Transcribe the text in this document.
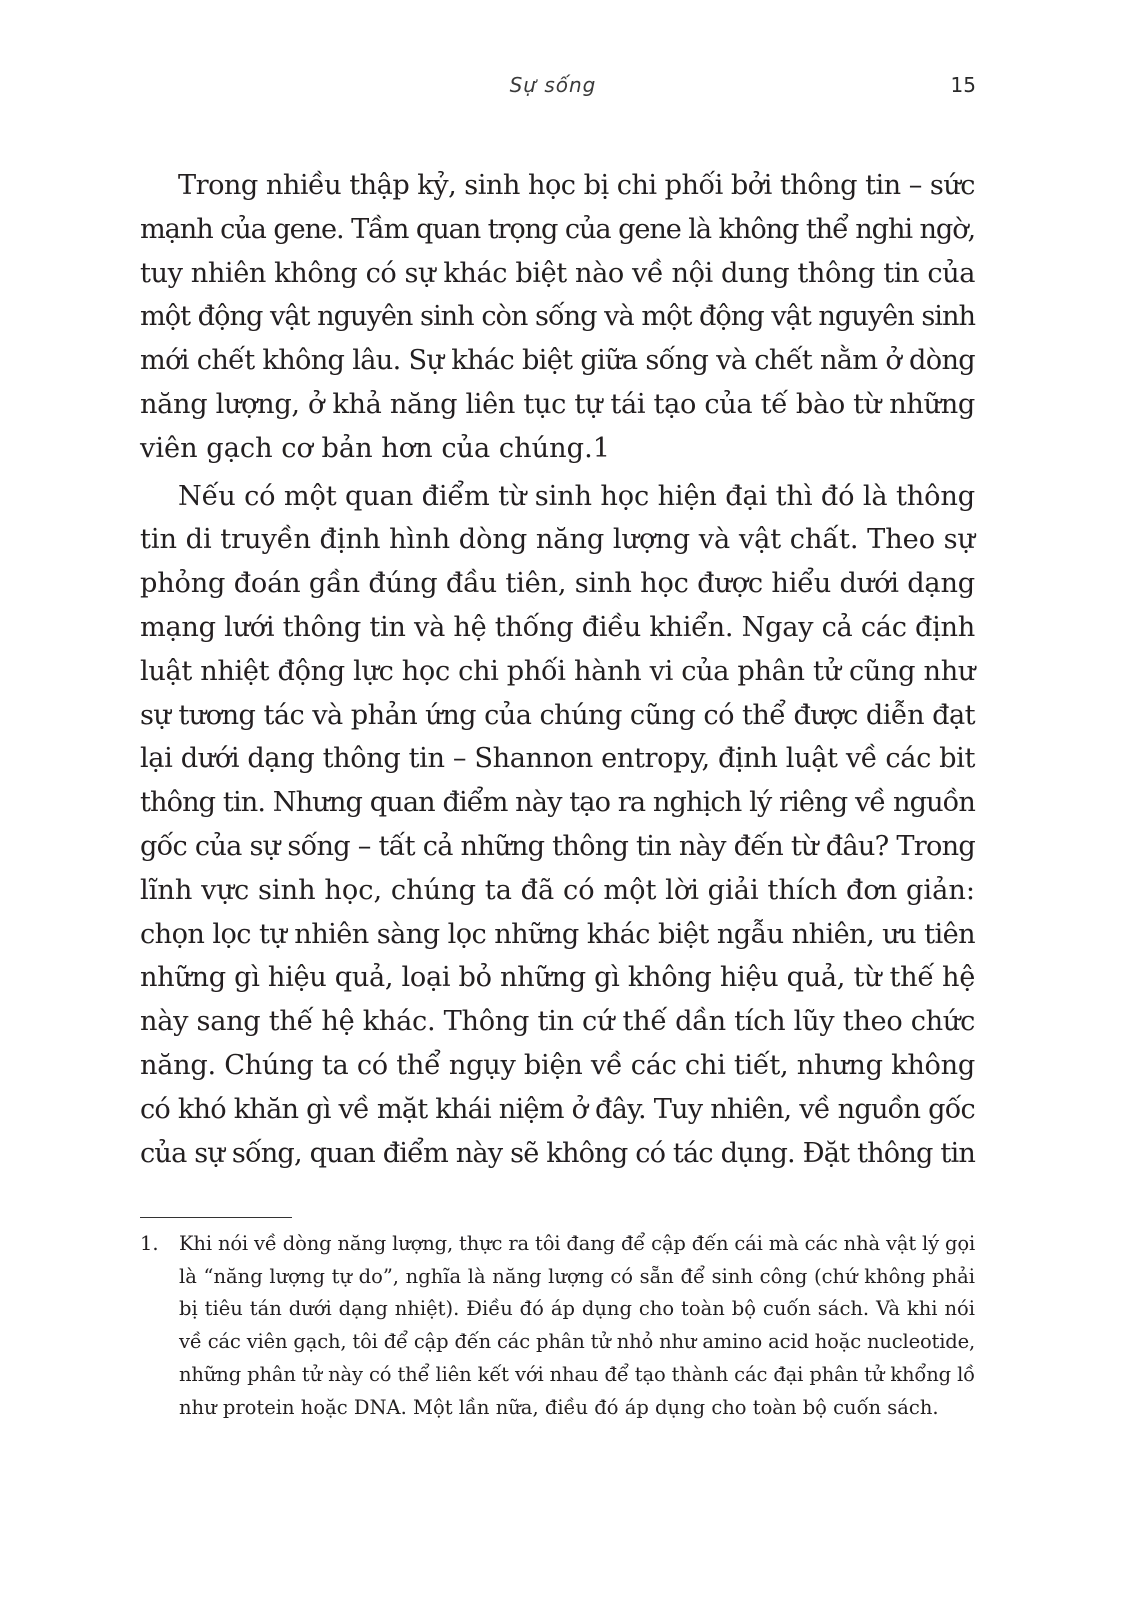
Sự sống	15

Trong nhiều thập kỷ, sinh học bị chi phối bởi thông tin – sức
mạnh của gene. Tầm quan trọng của gene là không thể nghi ngờ,
tuy nhiên không có sự khác biệt nào về nội dung thông tin của
một động vật nguyên sinh còn sống và một động vật nguyên sinh
mới chết không lâu. Sự khác biệt giữa sống và chết nằm ở dòng
năng lượng, ở khả năng liên tục tự tái tạo của tế bào từ những
viên gạch cơ bản hơn của chúng.1

Nếu có một quan điểm từ sinh học hiện đại thì đó là thông
tin di truyền định hình dòng năng lượng và vật chất. Theo sự
phỏng đoán gần đúng đầu tiên, sinh học được hiểu dưới dạng
mạng lưới thông tin và hệ thống điều khiển. Ngay cả các định
luật nhiệt động lực học chi phối hành vi của phân tử cũng như
sự tương tác và phản ứng của chúng cũng có thể được diễn đạt
lại dưới dạng thông tin – Shannon entropy, định luật về các bit
thông tin. Nhưng quan điểm này tạo ra nghịch lý riêng về nguồn
gốc của sự sống – tất cả những thông tin này đến từ đâu? Trong
lĩnh vực sinh học, chúng ta đã có một lời giải thích đơn giản:
chọn lọc tự nhiên sàng lọc những khác biệt ngẫu nhiên, ưu tiên
những gì hiệu quả, loại bỏ những gì không hiệu quả, từ thế hệ
này sang thế hệ khác. Thông tin cứ thế dần tích lũy theo chức
năng. Chúng ta có thể ngụy biện về các chi tiết, nhưng không
có khó khăn gì về mặt khái niệm ở đây. Tuy nhiên, về nguồn gốc
của sự sống, quan điểm này sẽ không có tác dụng. Đặt thông tin

1. Khi nói về dòng năng lượng, thực ra tôi đang để cập đến cái mà các nhà vật lý gọi
là “năng lượng tự do”, nghĩa là năng lượng có sẵn để sinh công (chứ không phải
bị tiêu tán dưới dạng nhiệt). Điều đó áp dụng cho toàn bộ cuốn sách. Và khi nói
về các viên gạch, tôi để cập đến các phân tử nhỏ như amino acid hoặc nucleotide,
những phân tử này có thể liên kết với nhau để tạo thành các đại phân tử khổng lồ
như protein hoặc DNA. Một lần nữa, điều đó áp dụng cho toàn bộ cuốn sách.
